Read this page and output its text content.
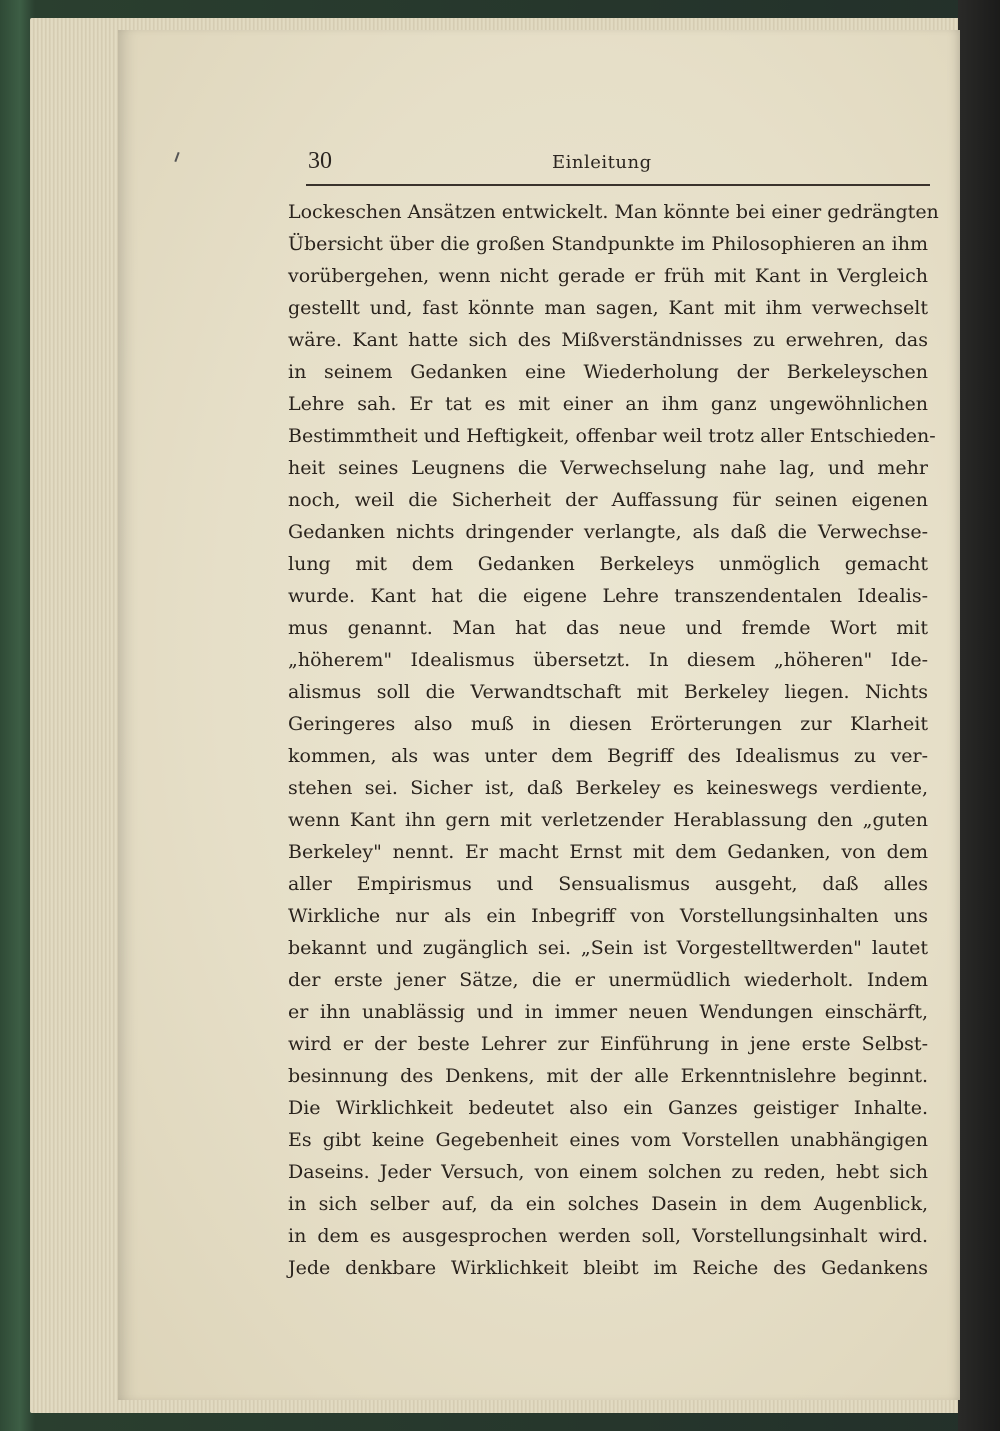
30	Einleitung
Lockeschen Ansätzen entwickelt. Man könnte bei einer gedrängten
Übersicht über die großen Standpunkte im Philosophieren an ihm
vorübergehen, wenn nicht gerade er früh mit Kant in Vergleich
gestellt und, fast könnte man sagen, Kant mit ihm verwechselt
wäre. Kant hatte sich des Mißverständnisses zu erwehren, das
in seinem Gedanken eine Wiederholung der Berkeleyschen
Lehre sah. Er tat es mit einer an ihm ganz ungewöhnlichen
Bestimmtheit und Heftigkeit, offenbar weil trotz aller Entschieden-
heit seines Leugnens die Verwechselung nahe lag, und mehr
noch, weil die Sicherheit der Auffassung für seinen eigenen
Gedanken nichts dringender verlangte, als daß die Verwechse-
lung mit dem Gedanken Berkeleys unmöglich gemacht
wurde. Kant hat die eigene Lehre transzendentalen Idealis-
mus genannt. Man hat das neue und fremde Wort mit
„höherem" Idealismus übersetzt. In diesem „höheren" Ide-
alismus soll die Verwandtschaft mit Berkeley liegen. Nichts
Geringeres also muß in diesen Erörterungen zur Klarheit
kommen, als was unter dem Begriff des Idealismus zu ver-
stehen sei. Sicher ist, daß Berkeley es keineswegs verdiente,
wenn Kant ihn gern mit verletzender Herablassung den „guten
Berkeley" nennt. Er macht Ernst mit dem Gedanken, von dem
aller Empirismus und Sensualismus ausgeht, daß alles
Wirkliche nur als ein Inbegriff von Vorstellungsinhalten uns
bekannt und zugänglich sei. „Sein ist Vorgestelltwerden" lautet
der erste jener Sätze, die er unermüdlich wiederholt. Indem
er ihn unablässig und in immer neuen Wendungen einschärft,
wird er der beste Lehrer zur Einführung in jene erste Selbst-
besinnung des Denkens, mit der alle Erkenntnislehre beginnt.
Die Wirklichkeit bedeutet also ein Ganzes geistiger Inhalte.
Es gibt keine Gegebenheit eines vom Vorstellen unabhängigen
Daseins. Jeder Versuch, von einem solchen zu reden, hebt sich
in sich selber auf, da ein solches Dasein in dem Augenblick,
in dem es ausgesprochen werden soll, Vorstellungsinhalt wird.
Jede denkbare Wirklichkeit bleibt im Reiche des Gedankens
